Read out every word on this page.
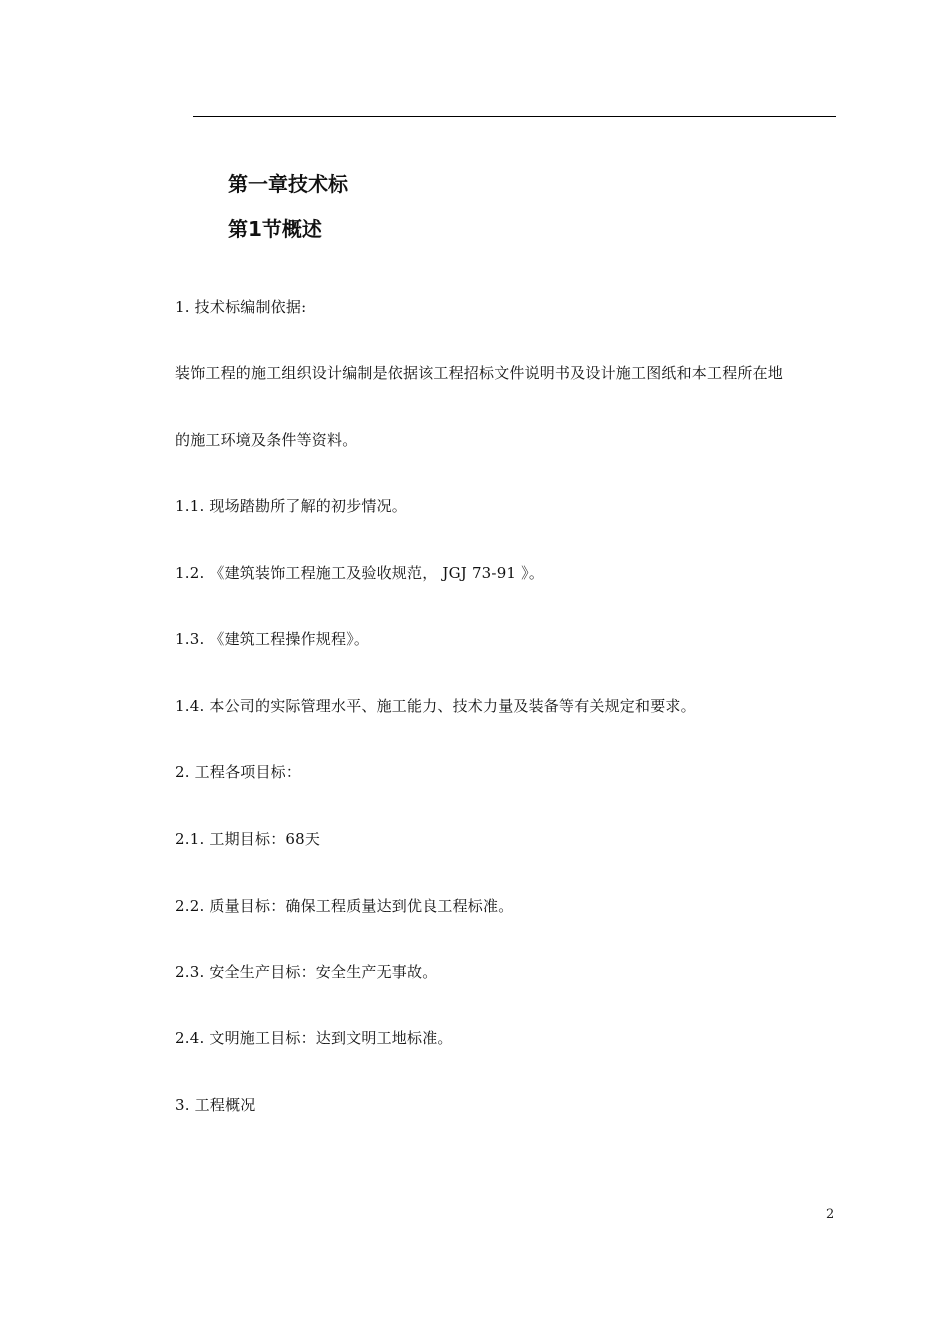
第一章技术标
第1节概述
1. 技术标编制依据:
装饰工程的施工组织设计编制是依据该工程招标文件说明书及设计施工图纸和本工程所在地
的施工环境及条件等资料。
1.1. 现场踏勘所了解的初步情况。
1.2. 《建筑装饰工程施工及验收规范， JGJ 73-91 》。
1.3. 《建筑工程操作规程》。
1.4. 本公司的实际管理水平、施工能力、技术力量及装备等有关规定和要求。
2. 工程各项目标：
2.1. 工期目标：68天
2.2. 质量目标：确保工程质量达到优良工程标准。
2.3. 安全生产目标：安全生产无事故。
2.4. 文明施工目标：达到文明工地标准。
3. 工程概况
2
